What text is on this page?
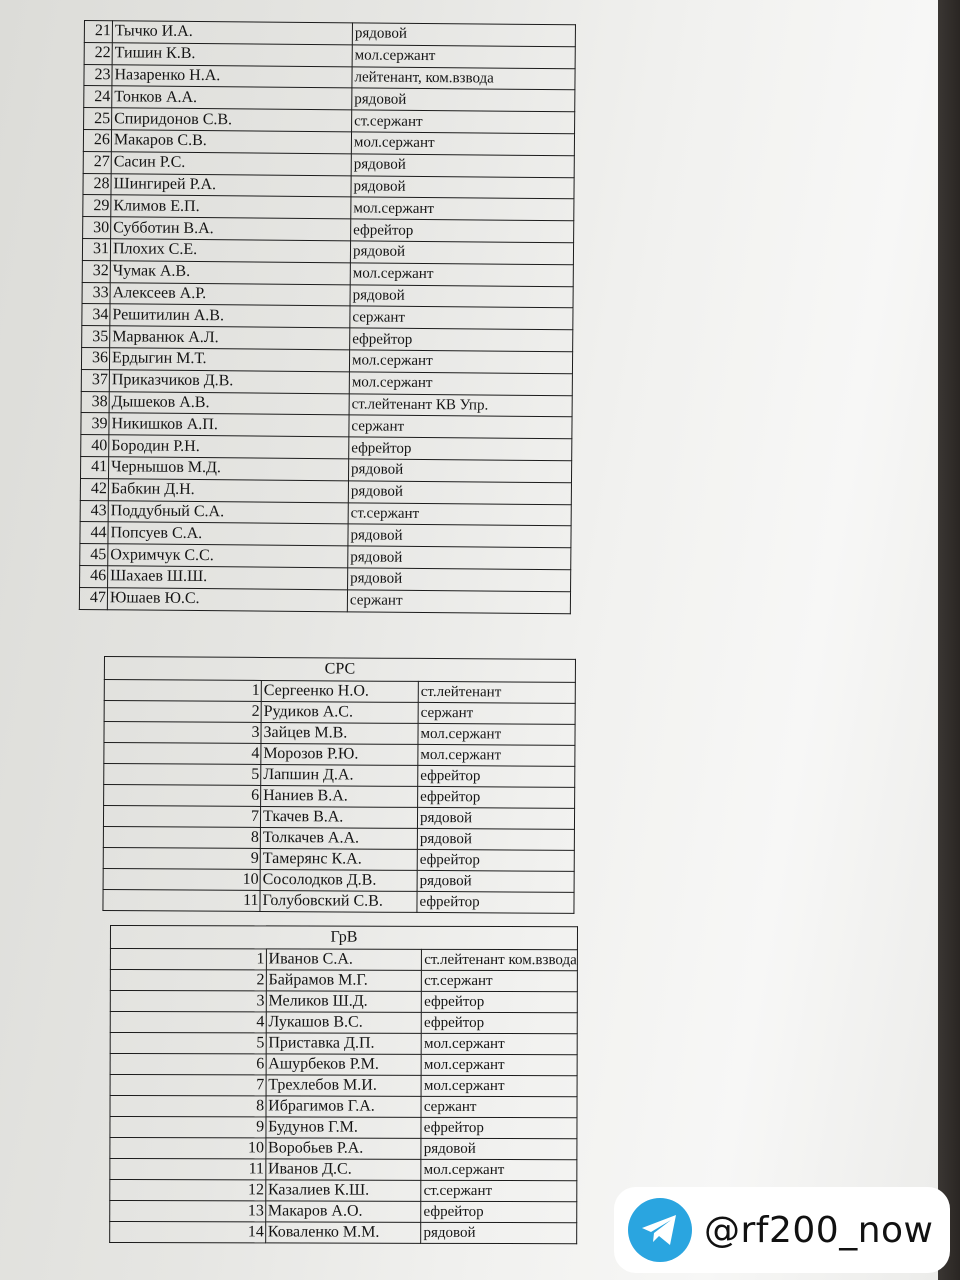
21	Тычко И.А.	рядовой
22	Тишин К.В.	мол.сержант
23	Назаренко Н.А.	лейтенант, ком.взвода
24	Тонков А.А.	рядовой
25	Спиридонов С.В.	ст.сержант
26	Макаров С.В.	мол.сержант
27	Сасин Р.С.	рядовой
28	Шингирей Р.А.	рядовой
29	Климов Е.П.	мол.сержант
30	Субботин В.А.	ефрейтор
31	Плохих С.Е.	рядовой
32	Чумак А.В.	мол.сержант
33	Алексеев А.Р.	рядовой
34	Решитилин А.В.	сержант
35	Марванюк А.Л.	ефрейтор
36	Ердыгин М.Т.	мол.сержант
37	Приказчиков Д.В.	мол.сержант
38	Дышеков А.В.	ст.лейтенант КВ Упр.
39	Никишков А.П.	сержант
40	Бородин Р.Н.	ефрейтор
41	Чернышов М.Д.	рядовой
42	Бабкин Д.Н.	рядовой
43	Поддубный С.А.	ст.сержант
44	Попсуев С.А.	рядовой
45	Охримчук С.С.	рядовой
46	Шахаев Ш.Ш.	рядовой
47	Юшаев Ю.С.	сержант
СРС		
1	Сергеенко Н.О.	ст.лейтенант
2	Рудиков А.С.	сержант
3	Зайцев М.В.	мол.сержант
4	Морозов Р.Ю.	мол.сержант
5	Лапшин Д.А.	ефрейтор
6	Наниев В.А.	ефрейтор
7	Ткачев В.А.	рядовой
8	Толкачев А.А.	рядовой
9	Тамерянс К.А.	ефрейтор
10	Сосолодков Д.В.	рядовой
11	Голубовский С.В.	ефрейтор
ГрВ		
1	Иванов С.А.	ст.лейтенант ком.взвода
2	Байрамов М.Г.	ст.сержант
3	Меликов Ш.Д.	ефрейтор
4	Лукашов В.С.	ефрейтор
5	Приставка Д.П.	мол.сержант
6	Ашурбеков Р.М.	мол.сержант
7	Трехлебов М.И.	мол.сержант
8	Ибрагимов Г.А.	сержант
9	Будунов Г.М.	ефрейтор
10	Воробьев Р.А.	рядовой
11	Иванов Д.С.	мол.сержант
12	Казалиев К.Ш.	ст.сержант
13	Макаров А.О.	ефрейтор
14	Коваленко М.М.	рядовой	@rf200_now
